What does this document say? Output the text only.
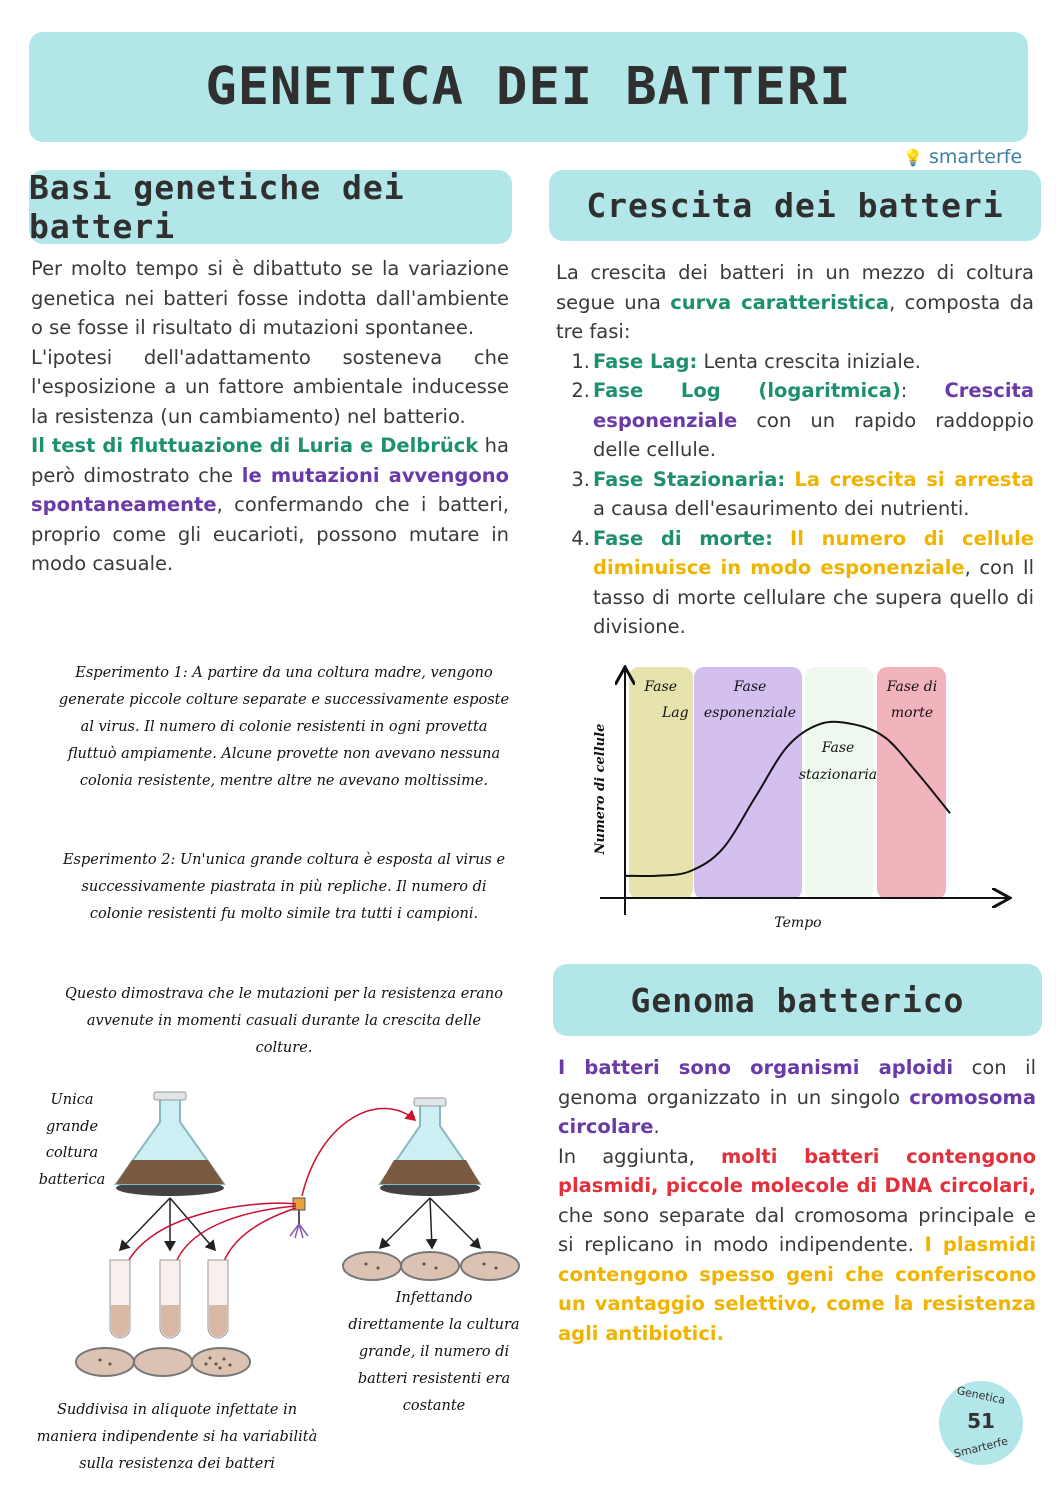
GENETICA DEI BATTERI
💡 smarterfe
Basi genetiche dei batteri
Per molto tempo si è dibattuto se la variazione genetica nei batteri fosse indotta dall'ambiente o se fosse il risultato di mutazioni spontanee.
L'ipotesi dell'adattamento sosteneva che l'esposizione a un fattore ambientale inducesse la resistenza (un cambiamento) nel batterio.
Il test di fluttuazione di Luria e Delbrück ha però dimostrato che le mutazioni avvengono spontaneamente, confermando che i batteri, proprio come gli eucarioti, possono mutare in modo casuale.
Esperimento 1: A partire da una coltura madre, vengono generate piccole colture separate e successivamente esposte al virus. Il numero di colonie resistenti in ogni provetta fluttuò ampiamente. Alcune provette non avevano nessuna colonia resistente, mentre altre ne avevano moltissime.
Esperimento 2: Un'unica grande coltura è esposta al virus e successivamente piastrata in più repliche. Il numero di colonie resistenti fu molto simile tra tutti i campioni.
Questo dimostrava che le mutazioni per la resistenza erano avvenute in momenti casuali durante la crescita delle colture.
Unica
grande
coltura
batterica
Infettando
direttamente la cultura
grande, il numero di
batteri resistenti era
costante
Suddivisa in aliquote infettate in
maniera indipendente si ha variabilità
sulla resistenza dei batteri
Crescita dei batteri
La crescita dei batteri in un mezzo di coltura segue una curva caratteristica, composta da tre fasi:
1. Fase Lag: Lenta crescita iniziale.
2. Fase Log (logaritmica): Crescita esponenziale con un rapido raddoppio delle cellule.
3. Fase Stazionaria: La crescita si arresta a causa dell'esaurimento dei nutrienti.
4. Fase di morte: Il numero di cellule diminuisce in modo esponenziale, con Il tasso di morte cellulare che supera quello di divisione.
Fase
Lag
Fase
esponenziale
Fase
stazionaria
Fase di
morte
Tempo
Numero di cellule
Genoma batterico
I batteri sono organismi aploidi con il genoma organizzato in un singolo cromosoma circolare.
In aggiunta, molti batteri contengono plasmidi, piccole molecole di DNA circolari, che sono separate dal cromosoma principale e si replicano in modo indipendente. I plasmidi contengono spesso geni che conferiscono un vantaggio selettivo, come la resistenza agli antibiotici.
Genetica
51
Smarterfe
